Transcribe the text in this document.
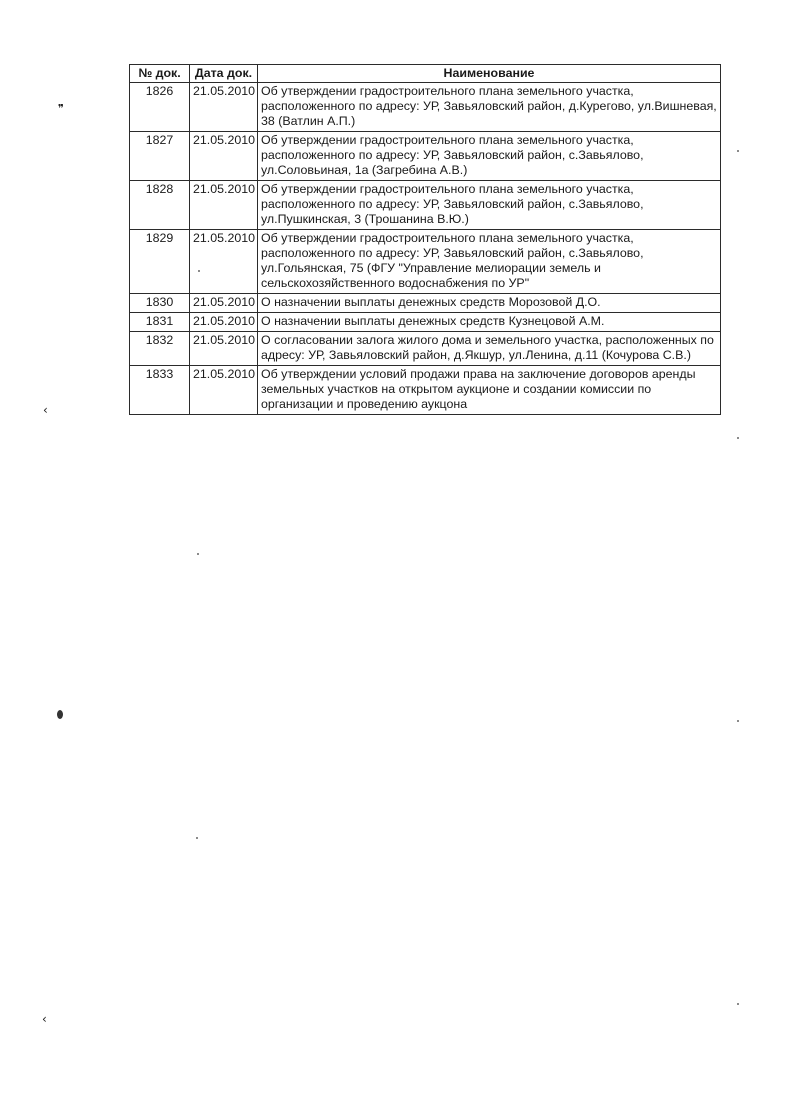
№ док.	Дата док.	Наименование
1826	21.05.2010	Об утверждении градостроительного плана земельного участка, расположенного по адресу: УР, Завьяловский район, д.Курегово, ул.Вишневая, 38 (Ватлин А.П.)
1827	21.05.2010	Об утверждении градостроительного плана земельного участка, расположенного по адресу: УР, Завьяловский район, с.Завьялово, ул.Соловьиная, 1а (Загребина А.В.)
1828	21.05.2010	Об утверждении градостроительного плана земельного участка, расположенного по адресу: УР, Завьяловский район, с.Завьялово, ул.Пушкинская, 3 (Трошанина В.Ю.)
1829	21.05.2010	Об утверждении градостроительного плана земельного участка, расположенного по адресу: УР, Завьяловский район, с.Завьялово, ул.Гольянская, 75 (ФГУ "Управление мелиорации земель и сельскохозяйственного водоснабжения по УР"
1830	21.05.2010	О назначении выплаты денежных средств Морозовой Д.О.
1831	21.05.2010	О назначении выплаты денежных средств Кузнецовой А.М.
1832	21.05.2010	О согласовании залога жилого дома и земельного участка, расположенных по адресу: УР, Завьяловский район, д.Якшур, ул.Ленина, д.11 (Кочурова С.В.)
1833	21.05.2010	Об утверждении условий продажи права на заключение договоров аренды земельных участков на открытом аукционе и создании комиссии по организации и проведению аукцона
❞
‹
‹
